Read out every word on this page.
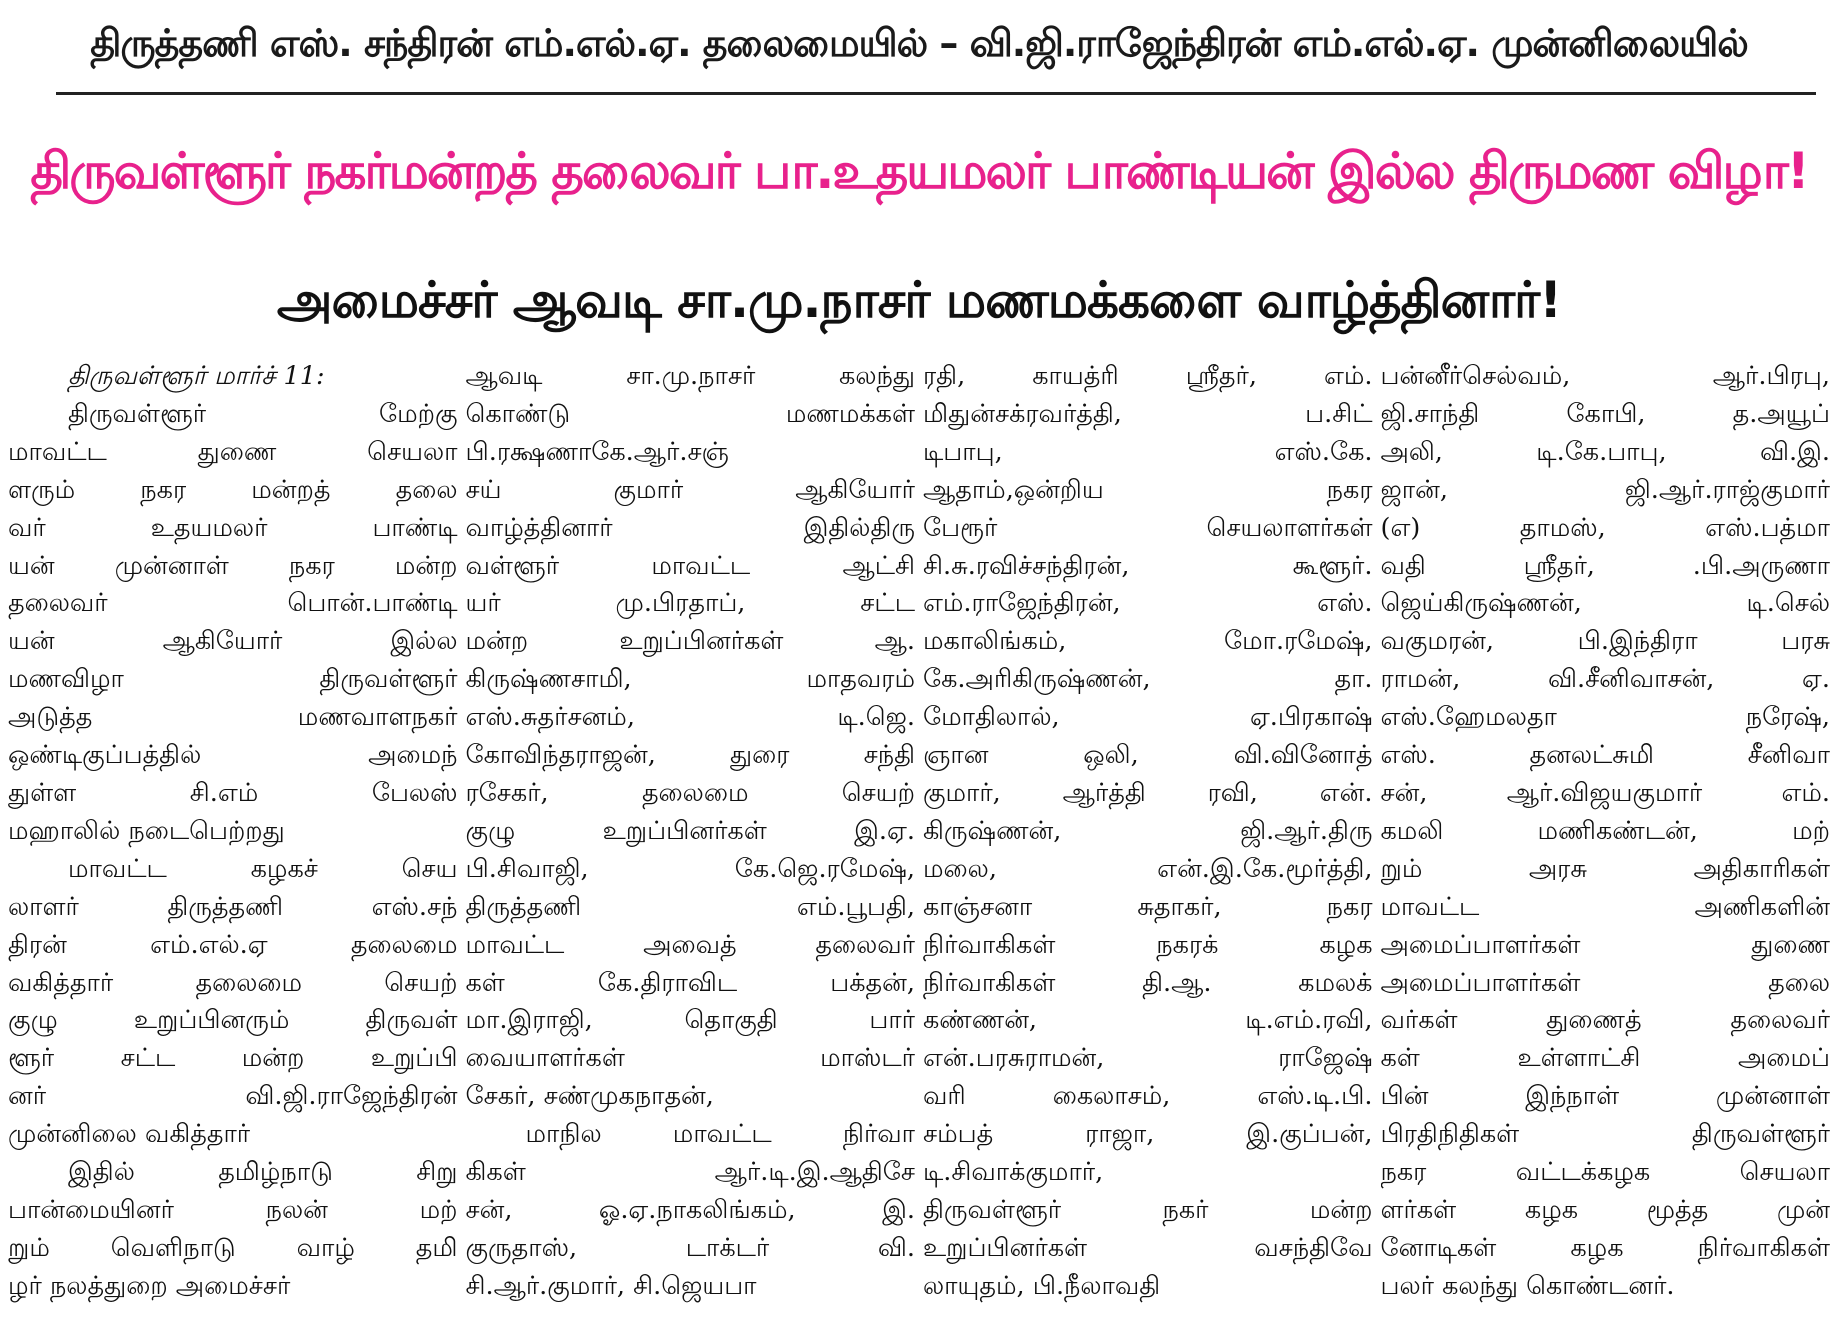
திருத்தணி எஸ். சந்திரன் எம்.எல்.ஏ. தலைமையில் – வி.ஜி.ராஜேந்திரன் எம்.எல்.ஏ. முன்னிலையில்
திருவள்ளூர் நகர்மன்றத் தலைவர் பா.உதயமலர் பாண்டியன் இல்ல திருமண விழா!
அமைச்சர் ஆவடி சா.மு.நாசர் மணமக்களை வாழ்த்தினார்!
திருவள்ளூர் மார்ச் 11:
திருவள்ளூர் மேற்கு
மாவட்ட துணை செயலா
ளரும் நகர மன்றத் தலை
வர் உதயமலர் பாண்டி
யன் முன்னாள் நகர மன்ற
தலைவர் பொன்.பாண்டி
யன் ஆகியோர் இல்ல
மணவிழா திருவள்ளூர்
அடுத்த மணவாளநகர்
ஒண்டிகுப்பத்தில் அமைந்
துள்ள சி.எம் பேலஸ்
மஹாலில் நடைபெற்றது
மாவட்ட கழகச் செய
லாளர் திருத்தணி எஸ்.சந்
திரன் எம்.எல்.ஏ தலைமை
வகித்தார் தலைமை செயற்
குழு உறுப்பினரும் திருவள்
ளூர் சட்ட மன்ற உறுப்பி
னர் வி.ஜி.ராஜேந்திரன்
முன்னிலை வகித்தார்
இதில் தமிழ்நாடு சிறு
பான்மையினர் நலன் மற்
றும் வெளிநாடு வாழ் தமி
ழர் நலத்துறை அமைச்சர்
ஆவடி சா.மு.நாசர் கலந்து
கொண்டு மணமக்கள்
பி.ரக்ஷணாகே.ஆர்.சஞ்
சய் குமார் ஆகியோர்
வாழ்த்தினார் இதில்திரு
வள்ளூர் மாவட்ட ஆட்சி
யர் மு.பிரதாப், சட்ட
மன்ற உறுப்பினர்கள் ஆ.
கிருஷ்ணசாமி, மாதவரம்
எஸ்.சுதர்சனம், டி.ஜெ.
கோவிந்தராஜன், துரை சந்தி
ரசேகர், தலைமை செயற்
குழு உறுப்பினர்கள் இ.ஏ.
பி.சிவாஜி, கே.ஜெ.ரமேஷ்,
திருத்தணி எம்.பூபதி,
மாவட்ட அவைத் தலைவர்
கள் கே.திராவிட பக்தன்,
மா.இராஜி, தொகுதி பார்
வையாளர்கள் மாஸ்டர்
சேகர், சண்முகநாதன்,
மாநில மாவட்ட நிர்வா
கிகள் ஆர்.டி.இ.ஆதிசே
சன், ஓ.ஏ.நாகலிங்கம், இ.
குருதாஸ், டாக்டர் வி.
சி.ஆர்.குமார், சி.ஜெயபா
ரதி, காயத்ரி ஸ்ரீதர், எம்.
மிதுன்சக்ரவர்த்தி, ப.சிட்
டிபாபு, எஸ்.கே.
ஆதாம்,ஒன்றிய நகர
பேரூர் செயலாளர்கள்
சி.சு.ரவிச்சந்திரன், கூளூர்.
எம்.ராஜேந்திரன், எஸ்.
மகாலிங்கம், மோ.ரமேஷ்,
கே.அரிகிருஷ்ணன், தா.
மோதிலால், ஏ.பிரகாஷ்
ஞான ஒலி, வி.வினோத்
குமார், ஆர்த்தி ரவி, என்.
கிருஷ்ணன், ஜி.ஆர்.திரு
மலை, என்.இ.கே.மூர்த்தி,
காஞ்சனா சுதாகர், நகர
நிர்வாகிகள் நகரக் கழக
நிர்வாகிகள் தி.ஆ. கமலக்
கண்ணன், டி.எம்.ரவி,
என்.பரசுராமன், ராஜேஷ்
வரி கைலாசம், எஸ்.டி.பி.
சம்பத் ராஜா, இ.குப்பன்,
டி.சிவாக்குமார்,
திருவள்ளூர் நகர் மன்ற
உறுப்பினர்கள் வசந்திவே
லாயுதம், பி.நீலாவதி
பன்னீர்செல்வம், ஆர்.பிரபு,
ஜி.சாந்தி கோபி, த.அயூப்
அலி, டி.கே.பாபு, வி.இ.
ஜான், ஜி.ஆர்.ராஜ்குமார்
(எ) தாமஸ், எஸ்.பத்மா
வதி ஸ்ரீதர், .பி.அருணா
ஜெய்கிருஷ்ணன், டி.செல்
வகுமரன், பி.இந்திரா பரசு
ராமன், வி.சீனிவாசன், ஏ.
எஸ்.ஹேமலதா நரேஷ்,
எஸ். தனலட்சுமி சீனிவா
சன், ஆர்.விஜயகுமார் எம்.
கமலி மணிகண்டன், மற்
றும் அரசு அதிகாரிகள்
மாவட்ட அணிகளின்
அமைப்பாளர்கள் துணை
அமைப்பாளர்கள் தலை
வர்கள் துணைத் தலைவர்
கள் உள்ளாட்சி அமைப்
பின் இந்நாள் முன்னாள்
பிரதிநிதிகள் திருவள்ளூர்
நகர வட்டக்கழக செயலா
ளர்கள் கழக மூத்த முன்
னோடிகள் கழக நிர்வாகிகள்
பலர் கலந்து கொண்டனர்.
